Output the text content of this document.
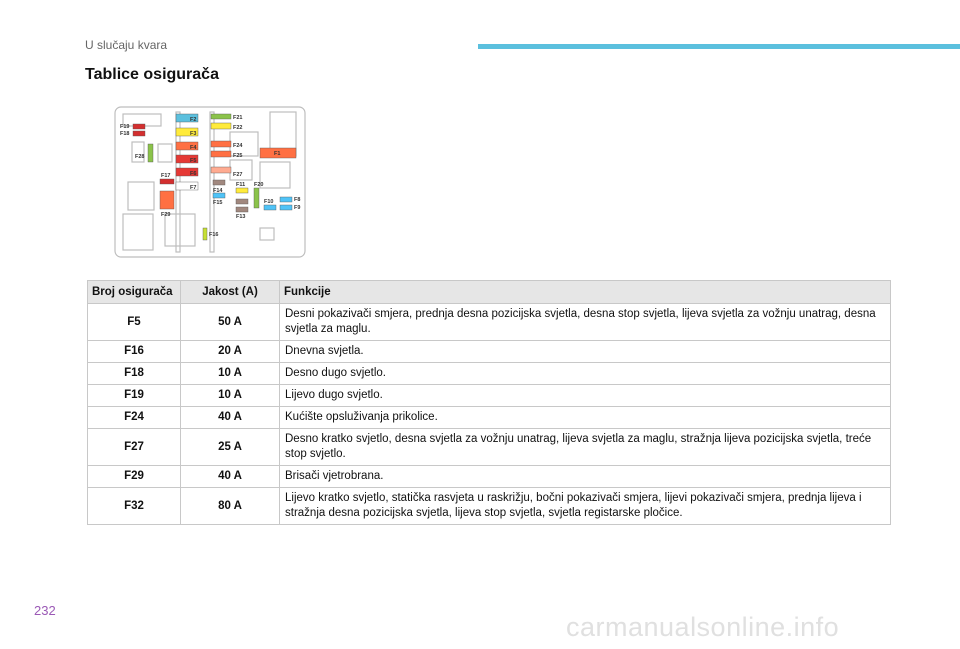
U slučaju kvara
Tablice osigurača
F19
F18
F28
F17
F29
F2
F3
F4
F5
F6
F7	F14
F15
F21
F22
F24
F25
F27
F11 F20
F1
F10
F13
F8
F9
F16
Broj osigurača	Jakost (A)	Funkcije
F5	50 A	Desni pokazivači smjera, prednja desna pozicijska svjetla, desna stop svjetla, lijeva svjetla za vožnju unatrag, desna svjetla za maglu.
F16	20 A	Dnevna svjetla.
F18	10 A	Desno dugo svjetlo.
F19	10 A	Lijevo dugo svjetlo.
F24	40 A	Kućište opsluživanja prikolice.
F27	25 A	Desno kratko svjetlo, desna svjetla za vožnju unatrag, lijeva svjetla za maglu, stražnja lijeva pozicijska svjetla, treće stop svjetlo.
F29	40 A	Brisači vjetrobrana.
F32	80 A	Lijevo kratko svjetlo, statička rasvjeta u raskrižju, bočni pokazivači smjera, lijevi pokazivači smjera, prednja lijeva i stražnja desna pozicijska svjetla, lijeva stop svjetla, svjetla registarske pločice.
232
carmanualsonline.info
